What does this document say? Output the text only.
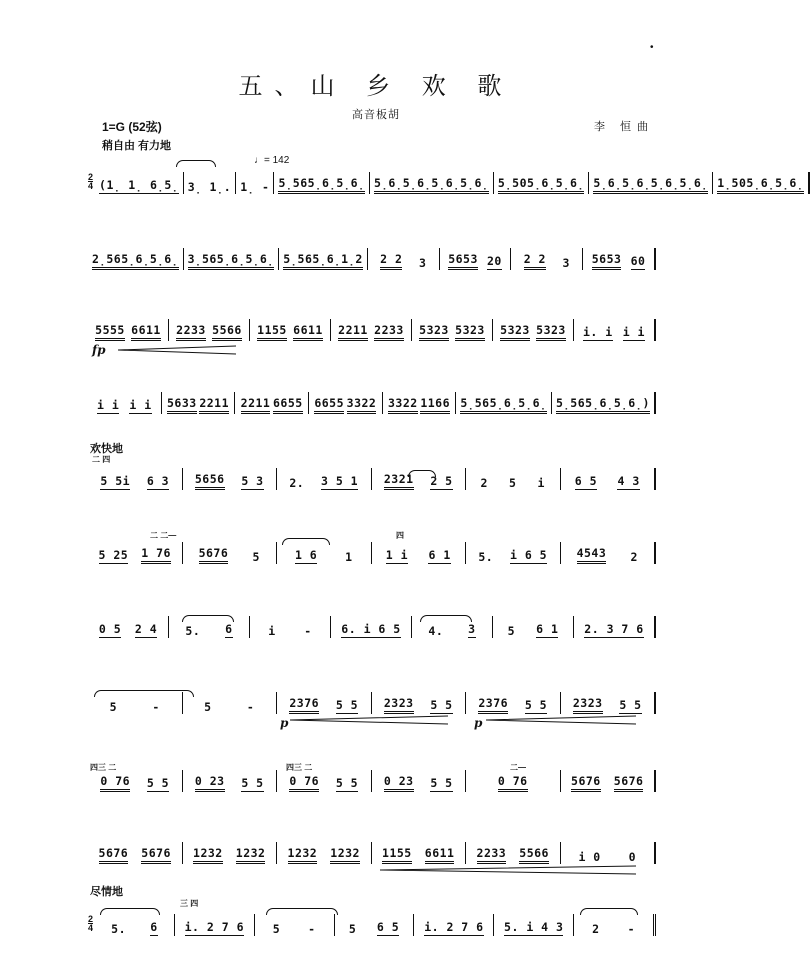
•
五、山 乡 欢 歌
高音板胡
李 恒曲
1=G (52弦)
稍自由 有力地
♩= 142
欢快地
尽情地
二 四
二 二—	四
四三 二	四三 二	二—
三 四
fp
p	p
$\frac{2}{4}$ (1̣ 1̣ 6̣5̣ 3̣ 1̣. 1̣ - 5̣56 5̣6̣5̣6̣ 5̣6̣5̣6̣ 5̣6̣5̣6̣ 5̣50 5̣6̣5̣6̣ 5̣6̣5̣6̣ 5̣6̣5̣6̣ 1̣50 5̣6̣5̣6̣
2̣56 5̣6̣5̣6̣ 3̣56 5̣6̣5̣6̣ 5̣56 5̣6̣1̣2 2 2 3 5653 20 2 2 3 5653 60
5555 6611 2233 5566 1155 6611 2211 2233 5323 5323 5323 5323 i. i i i
i i i i 5633 2211 2211 6655 6655 3322 3322 1166 5̣56 5̣6̣5̣6̣ 5̣56 5̣6̣5̣6̣)
5 5i 6 3 5656 5 3 2. 3 5 1 2321 2 5 2 5 i	6 5 4 3
5 25 1 76 5676 5	1 6 1	1 i 6 1 5. i 6 5	4543 2
0 5 2 4 5. 6	i -	6. i 6 5 4. 3	5 6 1 2. 3 7 6
5	-	5	-	2376 5 5 2323 5 5 2376 5 5 2323 5 5
0 76 5 5 0 23 5 5 0 76 5 5 0 23 5 5	0 76	5676 5676
5676 5676 1232 1232 1232 1232 1155 6611 2233 5566	i 0 0
$\frac{2}{4} 5$. 6 i. 2 7 6 5 -	5 6 5 i. 2 7 6 5. i 4 3 2 -
